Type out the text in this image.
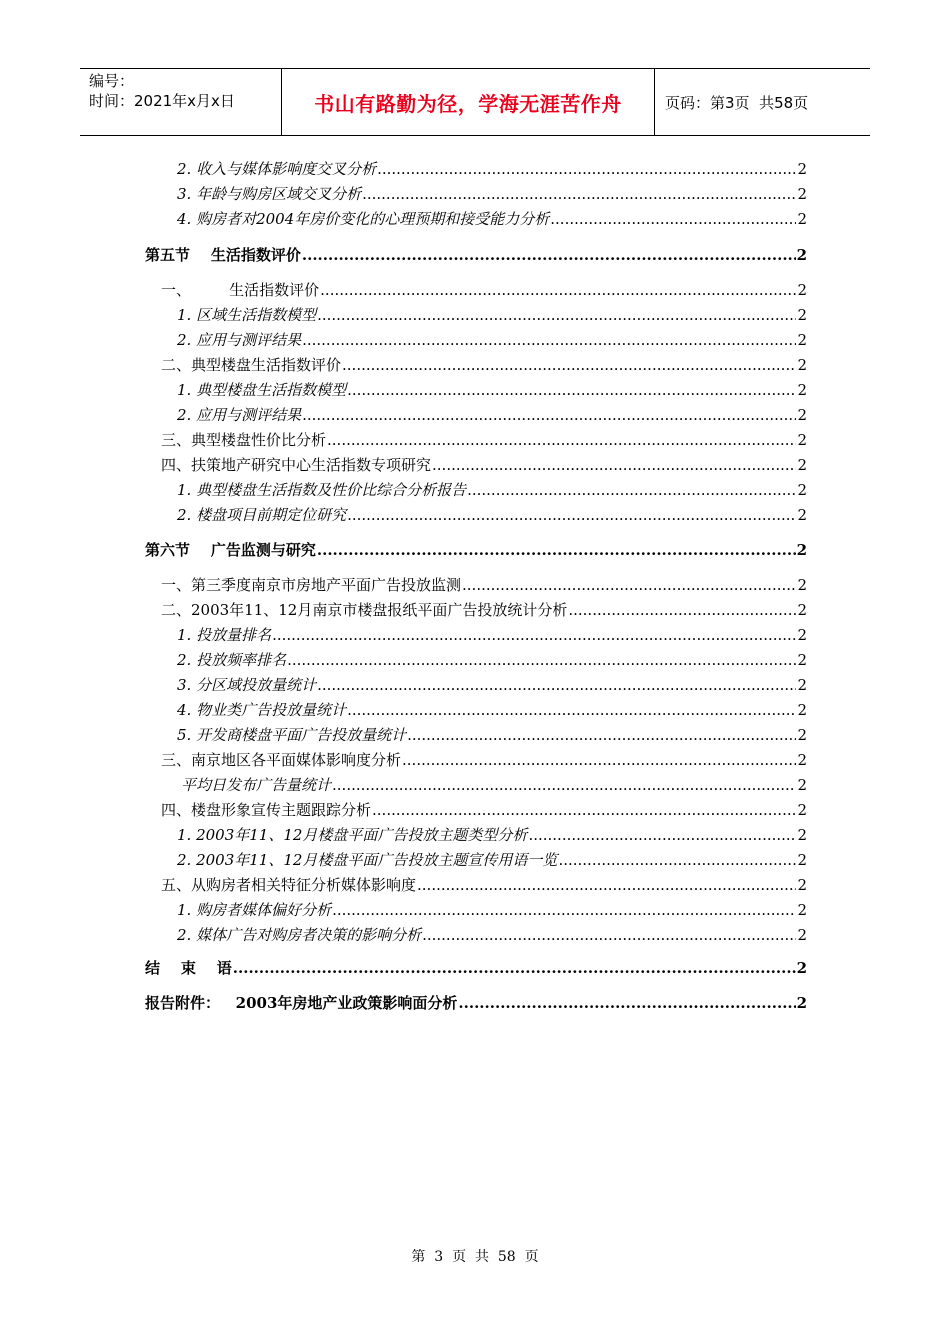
编号：
时间：2021年x月x日	书山有路勤为径，学海无涯苦作舟	页码：第3页  共58页
2. 收入与媒体影响度交叉分析 .....	2
3. 年龄与购房区域交叉分析 .....	2
4. 购房者对2004年房价变化的心理预期和接受能力分析 .....	2
第五节    生活指数评价 .....	2
一、        生活指数评价 .....	2
1. 区域生活指数模型 .....	2
2. 应用与测评结果 .....	2
二、典型楼盘生活指数评价 .....	2
1. 典型楼盘生活指数模型 .....	2
2. 应用与测评结果 .....	2
三、典型楼盘性价比分析 .....	2
四、扶策地产研究中心生活指数专项研究 .....	2
1. 典型楼盘生活指数及性价比综合分析报告 .....	2
2. 楼盘项目前期定位研究 .....	2
第六节    广告监测与研究 .....	2
一、第三季度南京市房地产平面广告投放监测 .....	2
二、2003年11、12月南京市楼盘报纸平面广告投放统计分析 .....	2
1. 投放量排名 .....	2
2. 投放频率排名 .....	2
3. 分区域投放量统计 .....	2
4. 物业类广告投放量统计 .....	2
5. 开发商楼盘平面广告投放量统计 .....	2
三、南京地区各平面媒体影响度分析 .....	2
平均日发布广告量统计 .....	2
四、楼盘形象宣传主题跟踪分析 .....	2
1. 2003年11、12月楼盘平面广告投放主题类型分析 .....	2
2. 2003年11、12月楼盘平面广告投放主题宣传用语一览 .....	2
五、从购房者相关特征分析媒体影响度 .....	2
1. 购房者媒体偏好分析 .....	2
2. 媒体广告对购房者决策的影响分析 .....	2
结    束    语 .....	2
报告附件：   2003年房地产业政策影响面分析 .....	2
第  3  页  共  58  页
